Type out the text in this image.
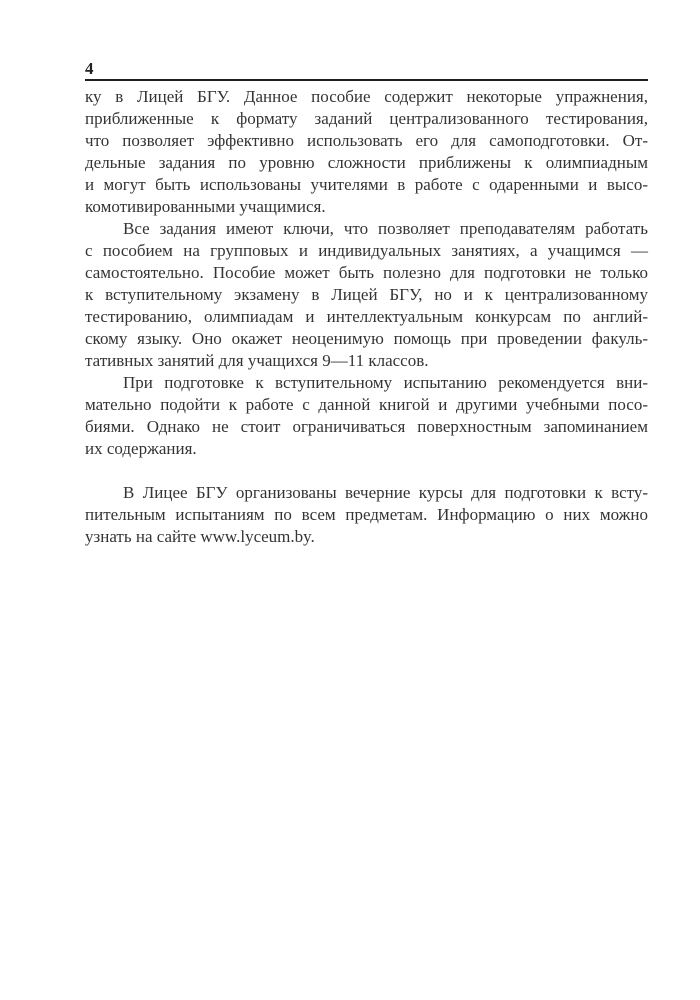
4
ку в Лицей БГУ. Данное пособие содержит некоторые упражнения,
приближенные к формату заданий централизованного тестирования,
что позволяет эффективно использовать его для самоподготовки. От-
дельные задания по уровню сложности приближены к олимпиадным
и могут быть использованы учителями в работе с одаренными и высо-
комотивированными учащимися.
Все задания имеют ключи, что позволяет преподавателям работать
с пособием на групповых и индивидуальных занятиях, а учащимся —
самостоятельно. Пособие может быть полезно для подготовки не только
к вступительному экзамену в Лицей БГУ, но и к централизованному
тестированию, олимпиадам и интеллектуальным конкурсам по англий-
скому языку. Оно окажет неоценимую помощь при проведении факуль-
тативных занятий для учащихся 9—11 классов.
При подготовке к вступительному испытанию рекомендуется вни-
мательно подойти к работе с данной книгой и другими учебными посо-
биями. Однако не стоит ограничиваться поверхностным запоминанием
их содержания.
В Лицее БГУ организованы вечерние курсы для подготовки к всту-
пительным испытаниям по всем предметам. Информацию о них можно
узнать на сайте www.lyceum.by.
